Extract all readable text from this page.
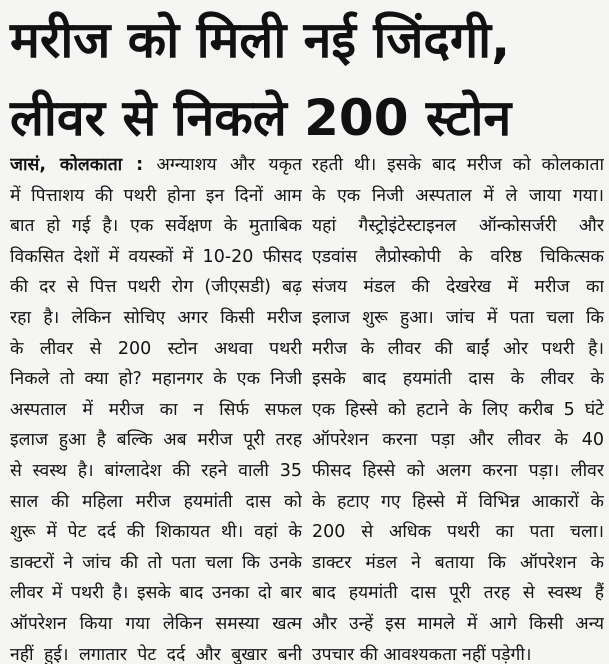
मरीज को मिली नई जिंदगी,
लीवर से निकले 200 स्टोन
जासं, कोलकाता : अग्न्याशय और यकृत
में पित्ताशय की पथरी होना इन दिनों आम
बात हो गई है। एक सर्वेक्षण के मुताबिक
विकसित देशों में वयस्कों में 10-20 फीसद
की दर से पित्त पथरी रोग (जीएसडी) बढ़
रहा है। लेकिन सोचिए अगर किसी मरीज
के लीवर से 200 स्टोन अथवा पथरी
निकले तो क्या हो? महानगर के एक निजी
अस्पताल में मरीज का न सिर्फ सफल
इलाज हुआ है बल्कि अब मरीज पूरी तरह
से स्वस्थ है। बांग्लादेश की रहने वाली 35
साल की महिला मरीज हयमांती दास को
शुरू में पेट दर्द की शिकायत थी। वहां के
डाक्टरों ने जांच की तो पता चला कि उनके
लीवर में पथरी है। इसके बाद उनका दो बार
ऑपरेशन किया गया लेकिन समस्या खत्म
नहीं हुई। लगातार पेट दर्द और बुखार बनी
रहती थी। इसके बाद मरीज को कोलकाता
के एक निजी अस्पताल में ले जाया गया।
यहां गैस्ट्रोइंटेस्टाइनल ऑन्कोसर्जरी और
एडवांस लैप्रोस्कोपी के वरिष्ठ चिकित्सक
संजय मंडल की देखरेख में मरीज का
इलाज शुरू हुआ। जांच में पता चला कि
मरीज के लीवर की बाईं ओर पथरी है।
इसके बाद हयमांती दास के लीवर के
एक हिस्से को हटाने के लिए करीब 5 घंटे
ऑपरेशन करना पड़ा और लीवर के 40
फीसद हिस्से को अलग करना पड़ा। लीवर
के हटाए गए हिस्से में विभिन्न आकारों के
200 से अधिक पथरी का पता चला।
डाक्टर मंडल ने बताया कि ऑपरेशन के
बाद हयमांती दास पूरी तरह से स्वस्थ हैं
और उन्हें इस मामले में आगे किसी अन्य
उपचार की आवश्यकता नहीं पड़ेगी।
